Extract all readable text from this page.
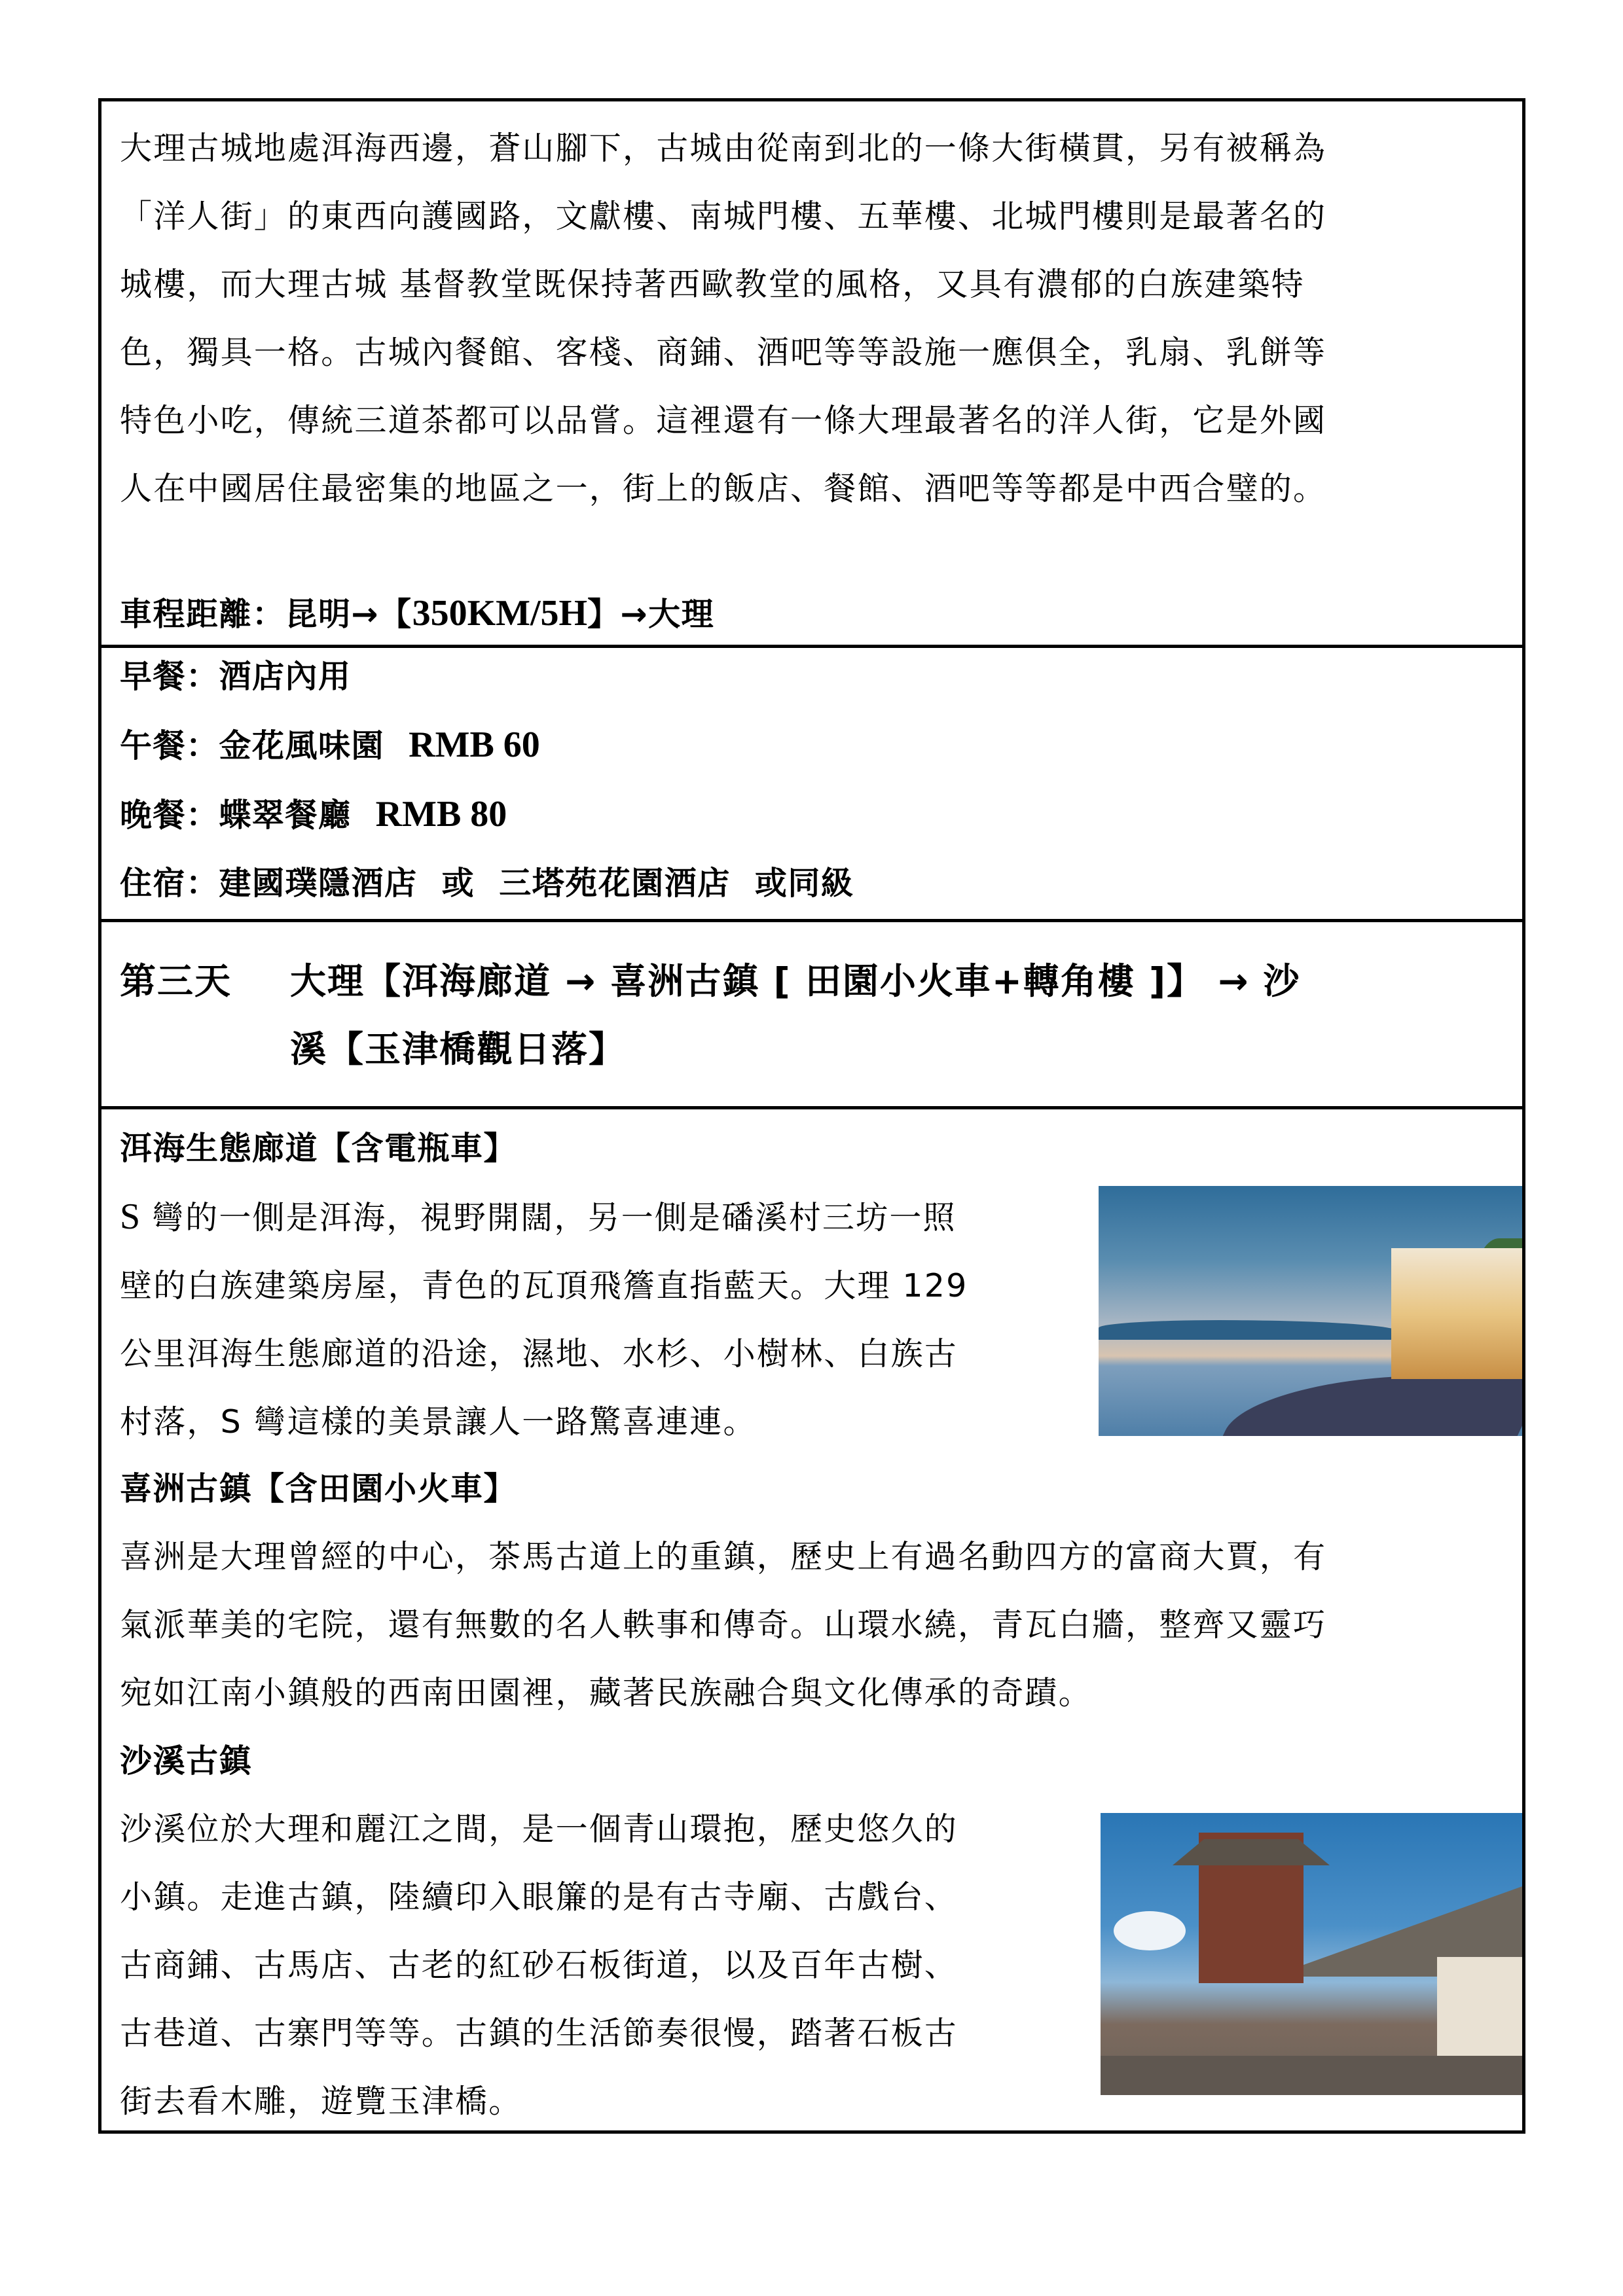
大理古城地處洱海西邊，蒼山腳下，古城由從南到北的一條大街橫貫，另有被稱為
「洋人街」的東西向護國路，文獻樓、南城門樓、五華樓、北城門樓則是最著名的
城樓，而大理古城 基督教堂既保持著西歐教堂的風格，又具有濃郁的白族建築特
色，獨具一格。古城內餐館、客棧、商鋪、酒吧等等設施一應俱全，乳扇、乳餅等
特色小吃，傳統三道茶都可以品嘗。這裡還有一條大理最著名的洋人街，它是外國
人在中國居住最密集的地區之一，街上的飯店、餐館、酒吧等等都是中西合璧的。
車程距離：昆明→【350KM/5H】→大理
早餐：酒店內用
午餐：金花風味園 RMB 60
晚餐：蝶翠餐廳 RMB 80
住宿：建國璞隱酒店  或  三塔苑花園酒店  或同級
第三天 大理【洱海廊道 → 喜洲古鎮 [ 田園小火車+轉角樓 ]】 → 沙
溪【玉津橋觀日落】
洱海生態廊道【含電瓶車】
S 彎的一側是洱海，視野開闊，另一側是磻溪村三坊一照
壁的白族建築房屋，青色的瓦頂飛簷直指藍天。大理 129
公里洱海生態廊道的沿途，濕地、水杉、小樹林、白族古
村落，S 彎這樣的美景讓人一路驚喜連連。
喜洲古鎮【含田園小火車】
喜洲是大理曾經的中心，茶馬古道上的重鎮，歷史上有過名動四方的富商大賈，有
氣派華美的宅院，還有無數的名人軼事和傳奇。山環水繞，青瓦白牆，整齊又靈巧
宛如江南小鎮般的西南田園裡，藏著民族融合與文化傳承的奇蹟。
沙溪古鎮
沙溪位於大理和麗江之間，是一個青山環抱，歷史悠久的
小鎮。走進古鎮，陸續印入眼簾的是有古寺廟、古戲台、
古商鋪、古馬店、古老的紅砂石板街道，以及百年古樹、
古巷道、古寨門等等。古鎮的生活節奏很慢，踏著石板古
街去看木雕，遊覽玉津橋。
